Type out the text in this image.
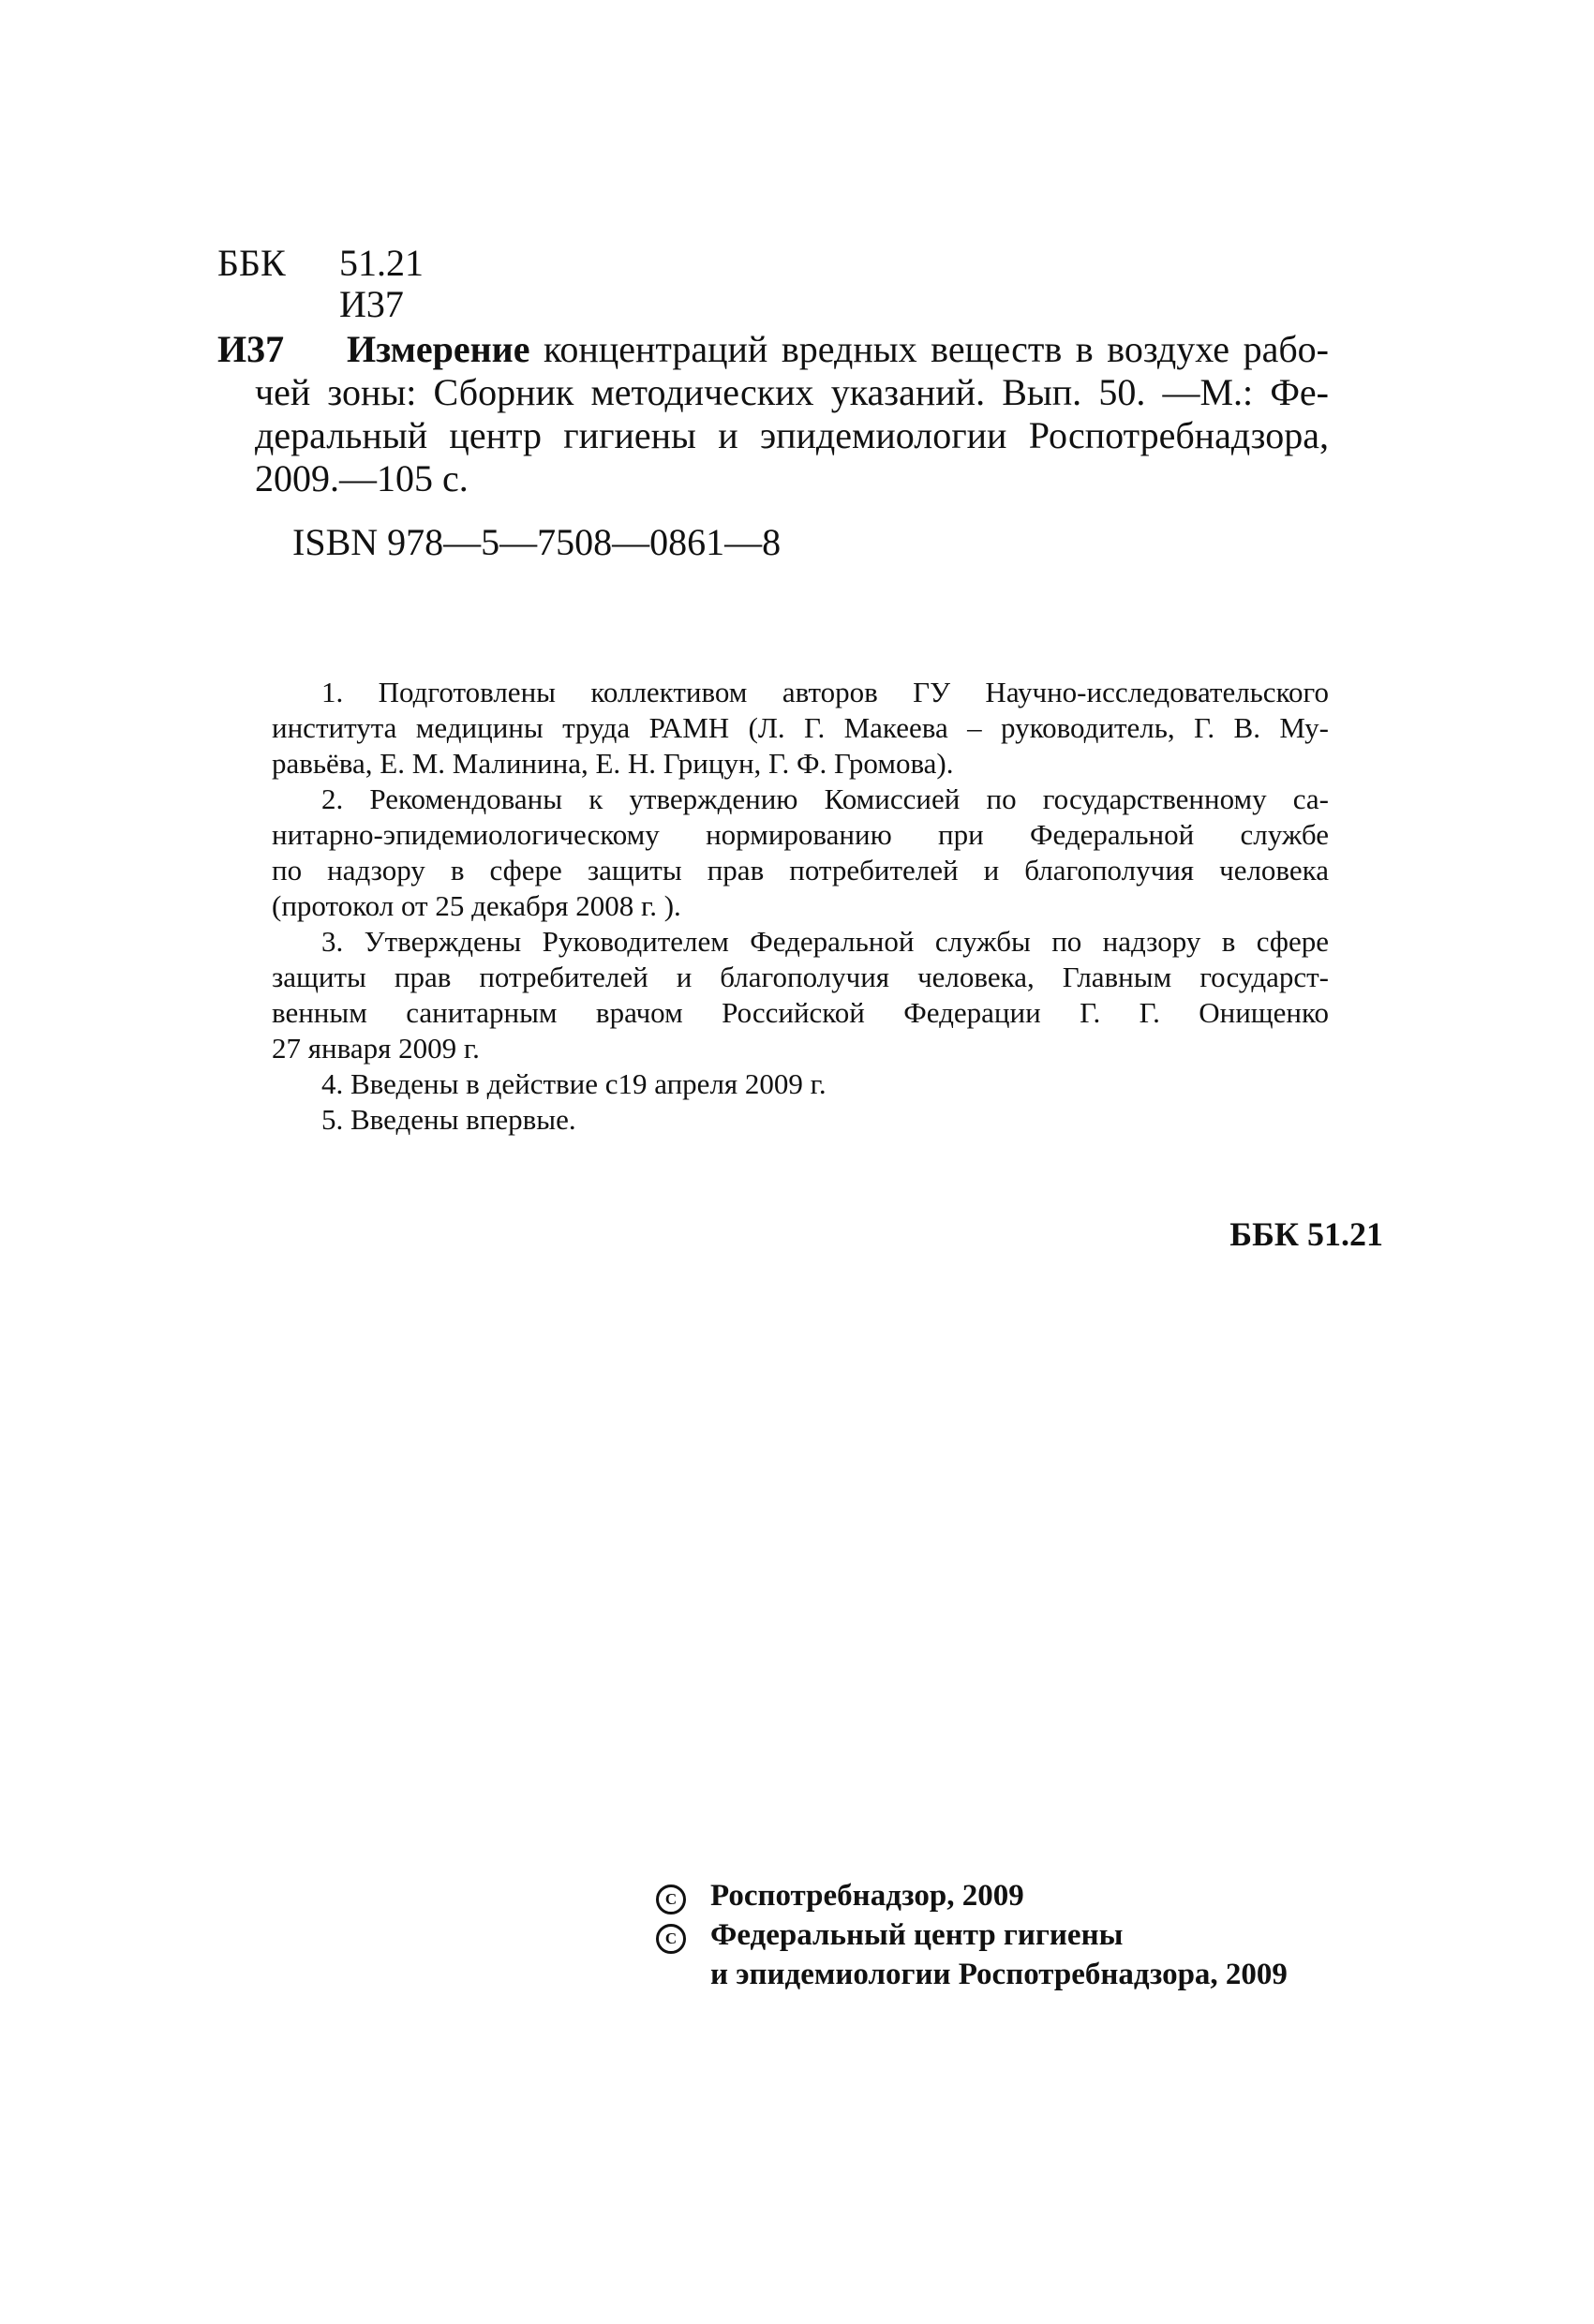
ББК 51.21
И37
И37 Измерение концентраций вредных веществ в воздухе рабо-
чей зоны: Сборник методических указаний. Вып. 50. —М.: Фе-
деральный центр гигиены и эпидемиологии Роспотребнадзора,
2009.—105 с.
ISBN 978—5—7508—0861—8
1. Подготовлены коллективом авторов ГУ Научно-исследовательского
института медицины труда РАМН (Л. Г. Макеева – руководитель, Г. В. Му-
равьёва, Е. М. Малинина, Е. Н. Грицун, Г. Ф. Громова).
2. Рекомендованы к утверждению Комиссией по государственному са-
нитарно-эпидемиологическому нормированию при Федеральной службе
по надзору в сфере защиты прав потребителей и благополучия человека
(протокол от 25 декабря 2008 г. ).
3. Утверждены Руководителем Федеральной службы по надзору в сфере
защиты прав потребителей и благополучия человека, Главным государст-
венным санитарным врачом Российской Федерации Г. Г. Онищенко
27 января 2009 г.
4. Введены в действие с19 апреля 2009 г.
5. Введены впервые.
ББК 51.21
C Роспотребнадзор, 2009
C Федеральный центр гигиены
и эпидемиологии Роспотребнадзора, 2009
